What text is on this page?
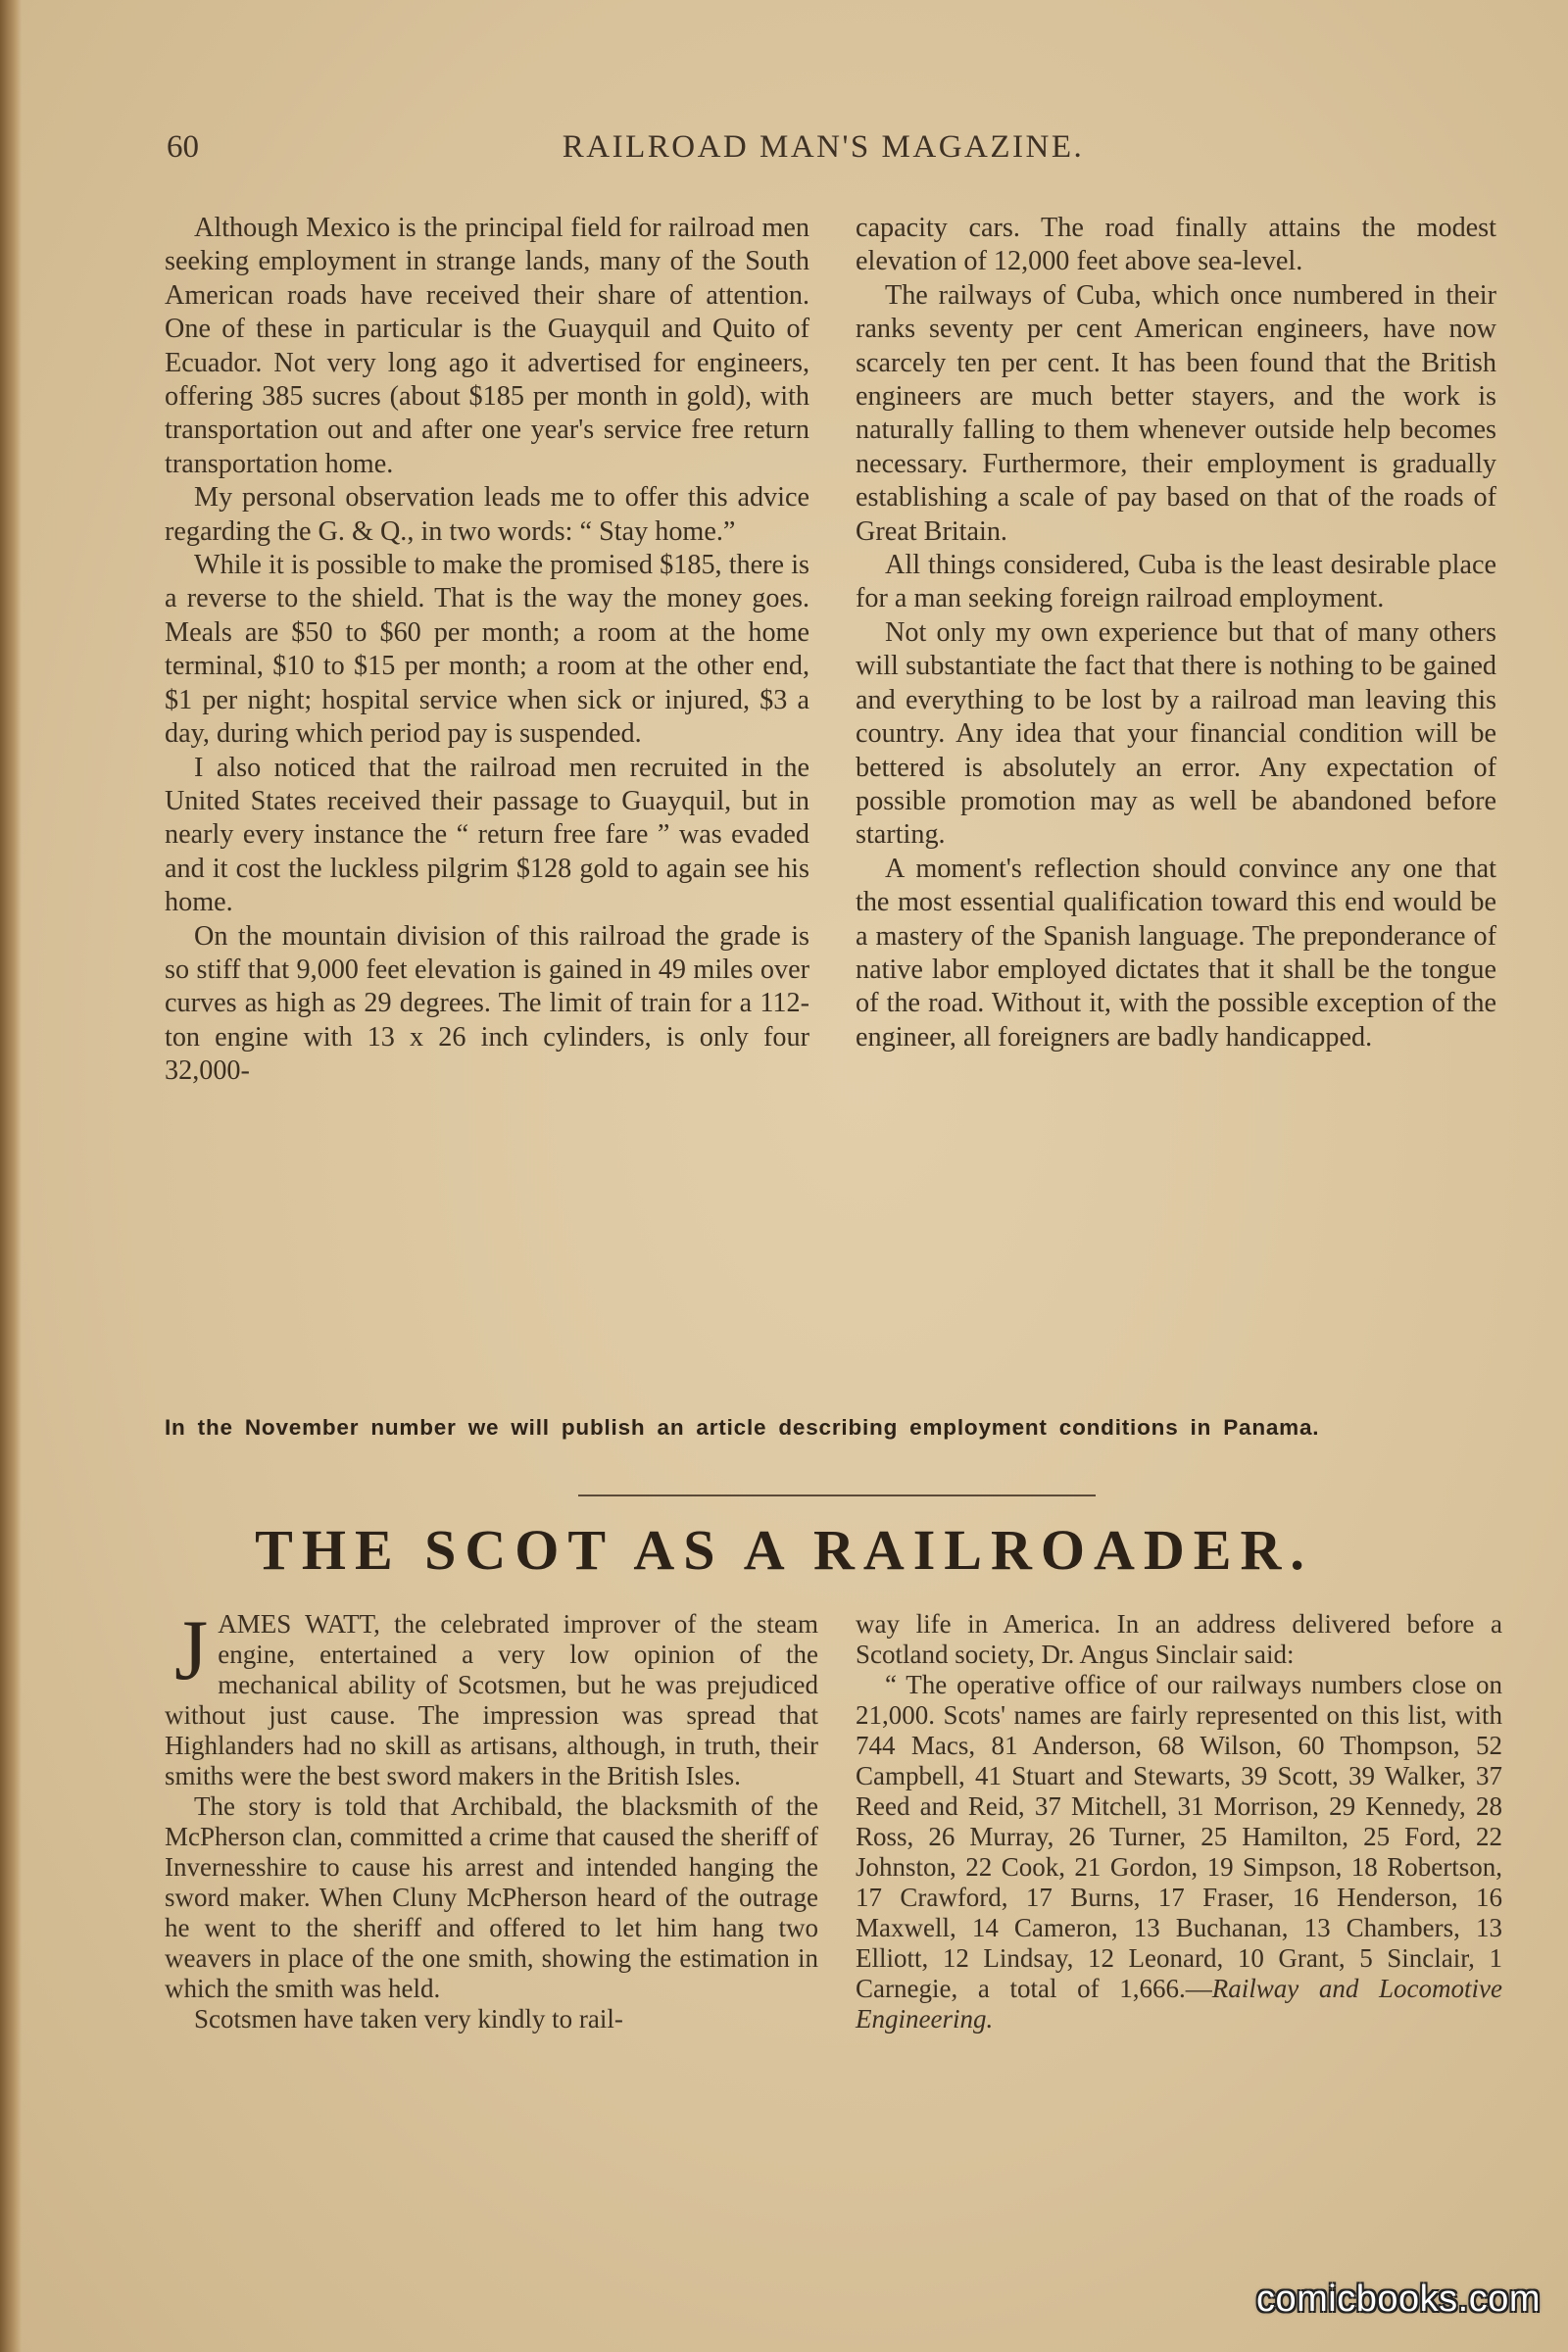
60	RAILROAD MAN'S MAGAZINE.

Although Mexico is the principal field for railroad men seeking employment in strange lands, many of the South American roads have received their share of attention. One of these in particular is the Guayquil and Quito of Ecuador. Not very long ago it advertised for engineers, offering 385 sucres (about $185 per month in gold), with transportation out and after one year's service free return transportation home.

My personal observation leads me to offer this advice regarding the G. & Q., in two words: “ Stay home.”

While it is possible to make the promised $185, there is a reverse to the shield. That is the way the money goes. Meals are $50 to $60 per month; a room at the home terminal, $10 to $15 per month; a room at the other end, $1 per night; hospital service when sick or injured, $3 a day, during which period pay is suspended.

I also noticed that the railroad men recruited in the United States received their passage to Guayquil, but in nearly every instance the “ return free fare ” was evaded and it cost the luckless pilgrim $128 gold to again see his home.

On the mountain division of this railroad the grade is so stiff that 9,000 feet elevation is gained in 49 miles over curves as high as 29 degrees. The limit of train for a 112-ton engine with 13 x 26 inch cylinders, is only four 32,000-

capacity cars. The road finally attains the modest elevation of 12,000 feet above sea-level.

The railways of Cuba, which once numbered in their ranks seventy per cent American engineers, have now scarcely ten per cent. It has been found that the British engineers are much better stayers, and the work is naturally falling to them whenever outside help becomes necessary. Furthermore, their employment is gradually establishing a scale of pay based on that of the roads of Great Britain.

All things considered, Cuba is the least desirable place for a man seeking foreign railroad employment.

Not only my own experience but that of many others will substantiate the fact that there is nothing to be gained and everything to be lost by a railroad man leaving this country. Any idea that your financial condition will be bettered is absolutely an error. Any expectation of possible promotion may as well be abandoned before starting.

A moment's reflection should convince any one that the most essential qualification toward this end would be a mastery of the Spanish language. The preponderance of native labor employed dictates that it shall be the tongue of the road. Without it, with the possible exception of the engineer, all foreigners are badly handicapped.

In the November number we will publish an article describing employment conditions in Panama.
THE SCOT AS A RAILROADER.

JAMES WATT, the celebrated improver of the steam engine, entertained a very low opinion of the mechanical ability of Scotsmen, but he was prejudiced without just cause. The impression was spread that Highlanders had no skill as artisans, although, in truth, their smiths were the best sword makers in the British Isles.

The story is told that Archibald, the blacksmith of the McPherson clan, committed a crime that caused the sheriff of Invernesshire to cause his arrest and intended hanging the sword maker. When Cluny McPherson heard of the outrage he went to the sheriff and offered to let him hang two weavers in place of the one smith, showing the estimation in which the smith was held.

Scotsmen have taken very kindly to rail-

way life in America. In an address delivered before a Scotland society, Dr. Angus Sinclair said:

“ The operative office of our railways numbers close on 21,000. Scots' names are fairly represented on this list, with 744 Macs, 81 Anderson, 68 Wilson, 60 Thompson, 52 Campbell, 41 Stuart and Stewarts, 39 Scott, 39 Walker, 37 Reed and Reid, 37 Mitchell, 31 Morrison, 29 Kennedy, 28 Ross, 26 Murray, 26 Turner, 25 Hamilton, 25 Ford, 22 Johnston, 22 Cook, 21 Gordon, 19 Simpson, 18 Robertson, 17 Crawford, 17 Burns, 17 Fraser, 16 Henderson, 16 Maxwell, 14 Cameron, 13 Buchanan, 13 Chambers, 13 Elliott, 12 Lindsay, 12 Leonard, 10 Grant, 5 Sinclair, 1 Carnegie, a total of 1,666.—Railway and Locomotive Engineering.

comicbooks.com
